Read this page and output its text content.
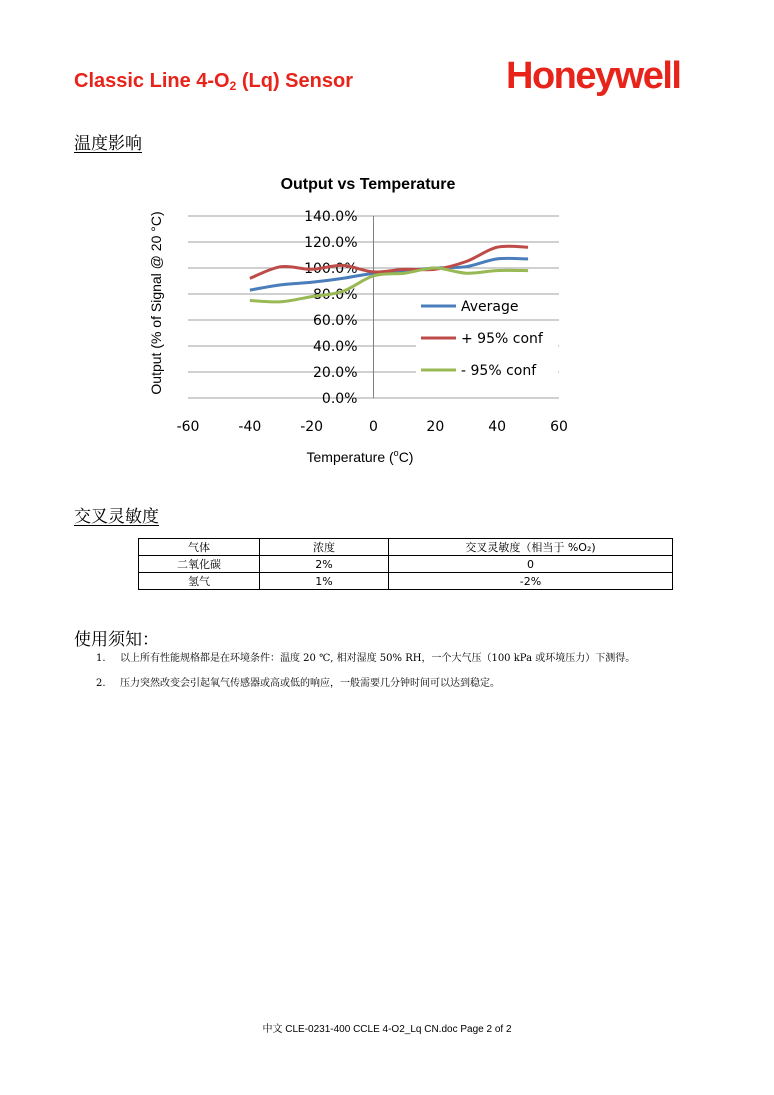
Classic Line $4-O_2$ (Lq) Sensor	Honeywell
温度影响
Output vs Temperature
Output (% of Signal @ 20 °C)
Temperature ($^o$C)
0.0%
20.0%
40.0%
60.0%
80.0%
100.0%
120.0%
140.0%
-60	-40	-20	0	20	40	60
Average
+ 95% conf
- 95% conf
交叉灵敏度
气体	浓度	交叉灵敏度（相当于 %O₂)
二氧化碳	2%	0
氢气	1%	-2%
使用须知：
1. 以上所有性能规格都是在环境条件：温度 20 ℃, 相对湿度 50% RH，一个大气压（100 kPa 或环境压力）下测得。
2. 压力突然改变会引起氧气传感器或高或低的响应，一般需要几分钟时间可以达到稳定。
中文 CLE-0231-400 CCLE 4-O2_Lq CN.doc Page 2 of 2
